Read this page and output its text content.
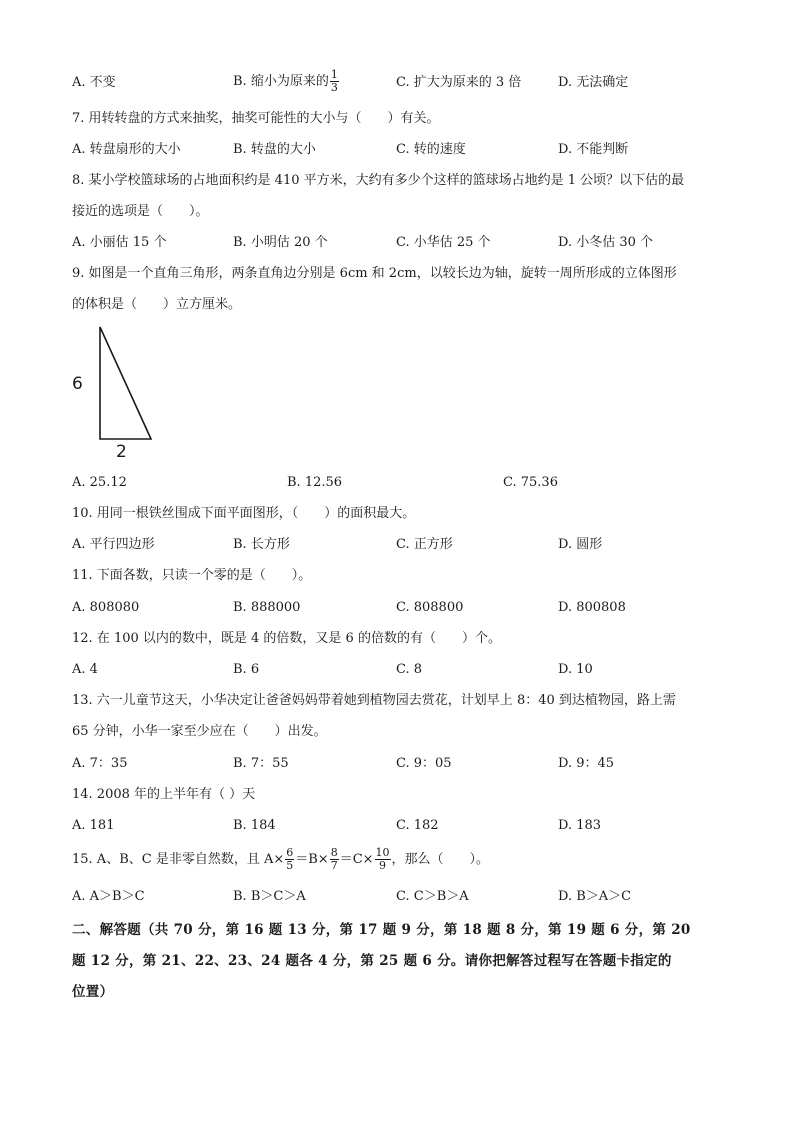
A. 不变	B. 缩小为原来的 $\frac{1}{3}$	C. 扩大为原来的 3 倍	D. 无法确定
7. 用转转盘的方式来抽奖，抽奖可能性的大小与（　　）有关。
A. 转盘扇形的大小	B. 转盘的大小	C. 转的速度	D. 不能判断
8. 某小学校篮球场的占地面积约是 410 平方米，大约有多少个这样的篮球场占地约是 1 公顷？以下估的最
接近的选项是（　　）。
A. 小丽估 15 个	B. 小明估 20 个	C. 小华估 25 个	D. 小冬估 30 个
9. 如图是一个直角三角形，两条直角边分别是 6cm 和 2cm，以较长边为轴，旋转一周所形成的立体图形
的体积是（　　）立方厘米。
6
2
A. 25.12	B. 12.56	C. 75.36
10. 用同一根铁丝围成下面平面图形，（　　）的面积最大。
A. 平行四边形	B. 长方形	C. 正方形	D. 圆形
11. 下面各数，只读一个零的是（　　）。
A. 808080	B. 888000	C. 808800	D. 800808
12. 在 100 以内的数中，既是 4 的倍数，又是 6 的倍数的有（　　）个。
A. 4	B. 6	C. 8	D. 10
13. 六一儿童节这天，小华决定让爸爸妈妈带着她到植物园去赏花，计划早上 8：40 到达植物园，路上需
65 分钟，小华一家至少应在（　　）出发。
A. 7：35	B. 7：55	C. 9：05	D. 9：45
14. 2008 年的上半年有（ ）天
A. 181	B. 184	C. 182	D. 183
15. A、B、C 是非零自然数，且 $A\times \frac{6}{5} =B\times \frac{8}{7} =C\times \frac{10}{9}$ ，那么（　　）。
A. A＞B＞C	B. B＞C＞A	C. C＞B＞A	D. B＞A＞C
二、解答题（共 70 分，第 16 题 13 分，第 17 题 9 分，第 18 题 8 分，第 19 题 6 分，第 20
题 12 分，第 21、22、23、24 题各 4 分，第 25 题 6 分。请你把解答过程写在答题卡指定的
位置）
